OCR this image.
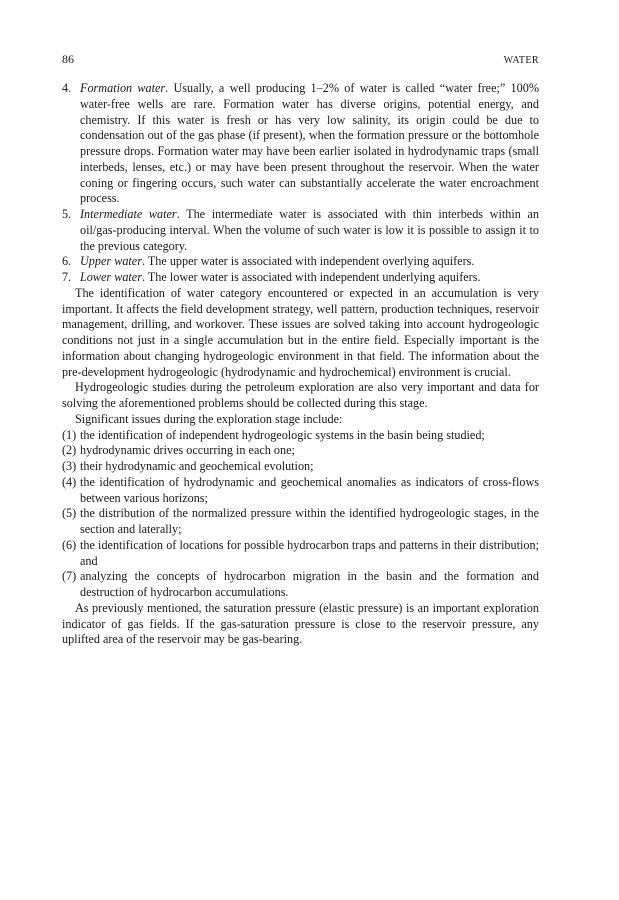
86	WATER
4. Formation water. Usually, a well producing 1–2% of water is called “water free;” 100% water-free wells are rare. Formation water has diverse origins, potential energy, and chemistry. If this water is fresh or has very low salinity, its origin could be due to condensation out of the gas phase (if present), when the formation pressure or the bottomhole pressure drops. Formation water may have been earlier isolated in hydrodynamic traps (small interbeds, lenses, etc.) or may have been present throughout the reservoir. When the water coning or fingering occurs, such water can substantially accelerate the water encroachment process.
5. Intermediate water. The intermediate water is associated with thin interbeds within an oil/gas-producing interval. When the volume of such water is low it is possible to assign it to the previous category.
6. Upper water. The upper water is associated with independent overlying aquifers.
7. Lower water. The lower water is associated with independent underlying aquifers.

The identification of water category encountered or expected in an accumulation is very important. It affects the field development strategy, well pattern, production techniques, reservoir management, drilling, and workover. These issues are solved taking into account hydrogeologic conditions not just in a single accumulation but in the entire field. Especially important is the information about changing hydrogeologic environment in that field. The information about the pre-development hydrogeologic (hydrodynamic and hydrochemical) environment is crucial.

Hydrogeologic studies during the petroleum exploration are also very important and data for solving the aforementioned problems should be collected during this stage.

Significant issues during the exploration stage include:

(1) the identification of independent hydrogeologic systems in the basin being studied;
(2) hydrodynamic drives occurring in each one;
(3) their hydrodynamic and geochemical evolution;
(4) the identification of hydrodynamic and geochemical anomalies as indicators of cross-flows between various horizons;
(5) the distribution of the normalized pressure within the identified hydrogeologic stages, in the section and laterally;
(6) the identification of locations for possible hydrocarbon traps and patterns in their distribution; and
(7) analyzing the concepts of hydrocarbon migration in the basin and the formation and destruction of hydrocarbon accumulations.

As previously mentioned, the saturation pressure (elastic pressure) is an important exploration indicator of gas fields. If the gas-saturation pressure is close to the reservoir pressure, any uplifted area of the reservoir may be gas-bearing.
